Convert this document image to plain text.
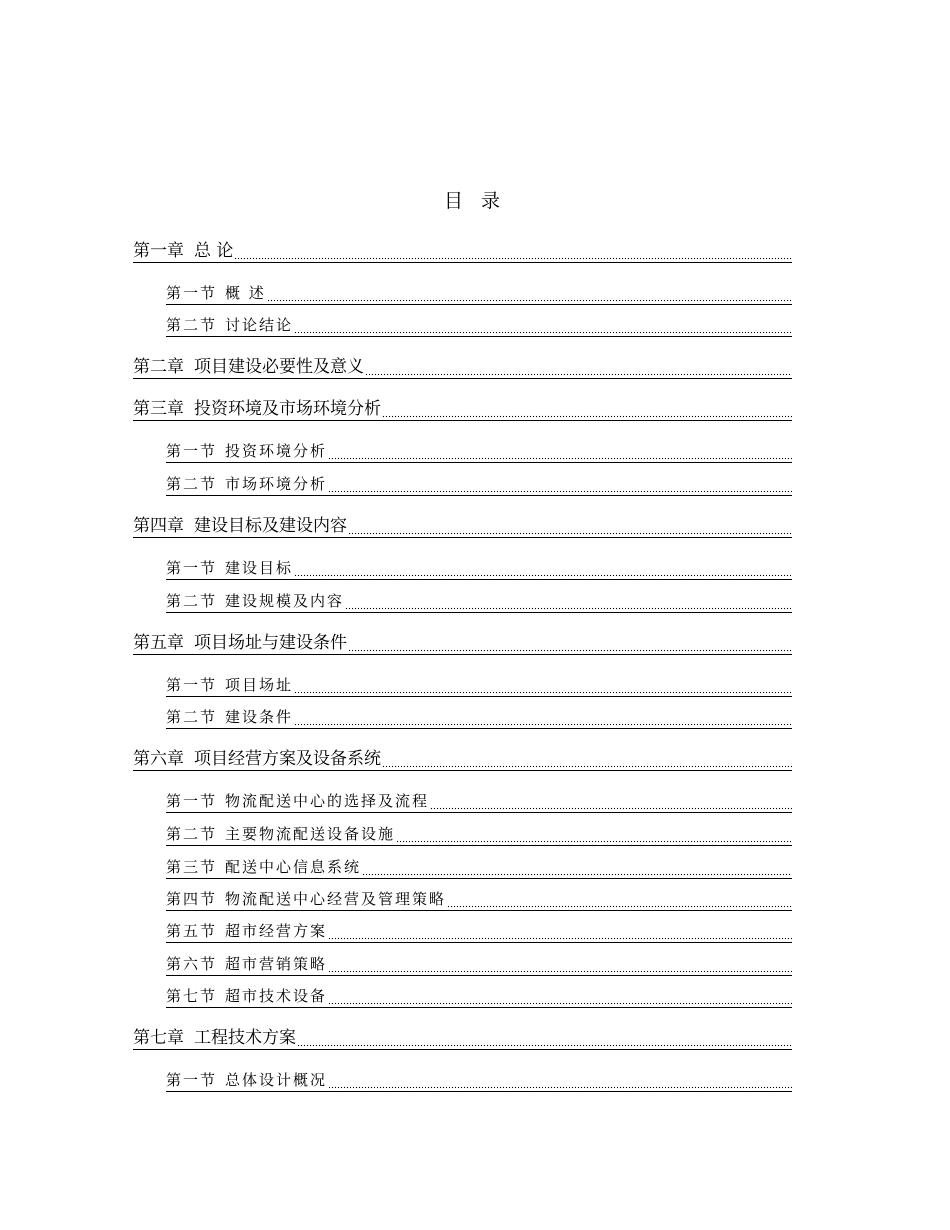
目 录
第一章 总 论
第一节 概 述
第二节 讨论结论
第二章 项目建设必要性及意义
第三章 投资环境及市场环境分析
第一节 投资环境分析
第二节 市场环境分析
第四章 建设目标及建设内容
第一节 建设目标
第二节 建设规模及内容
第五章 项目场址与建设条件
第一节 项目场址
第二节 建设条件
第六章 项目经营方案及设备系统
第一节 物流配送中心的选择及流程
第二节 主要物流配送设备设施
第三节 配送中心信息系统
第四节 物流配送中心经营及管理策略
第五节 超市经营方案
第六节 超市营销策略
第七节 超市技术设备
第七章 工程技术方案
第一节 总体设计概况
